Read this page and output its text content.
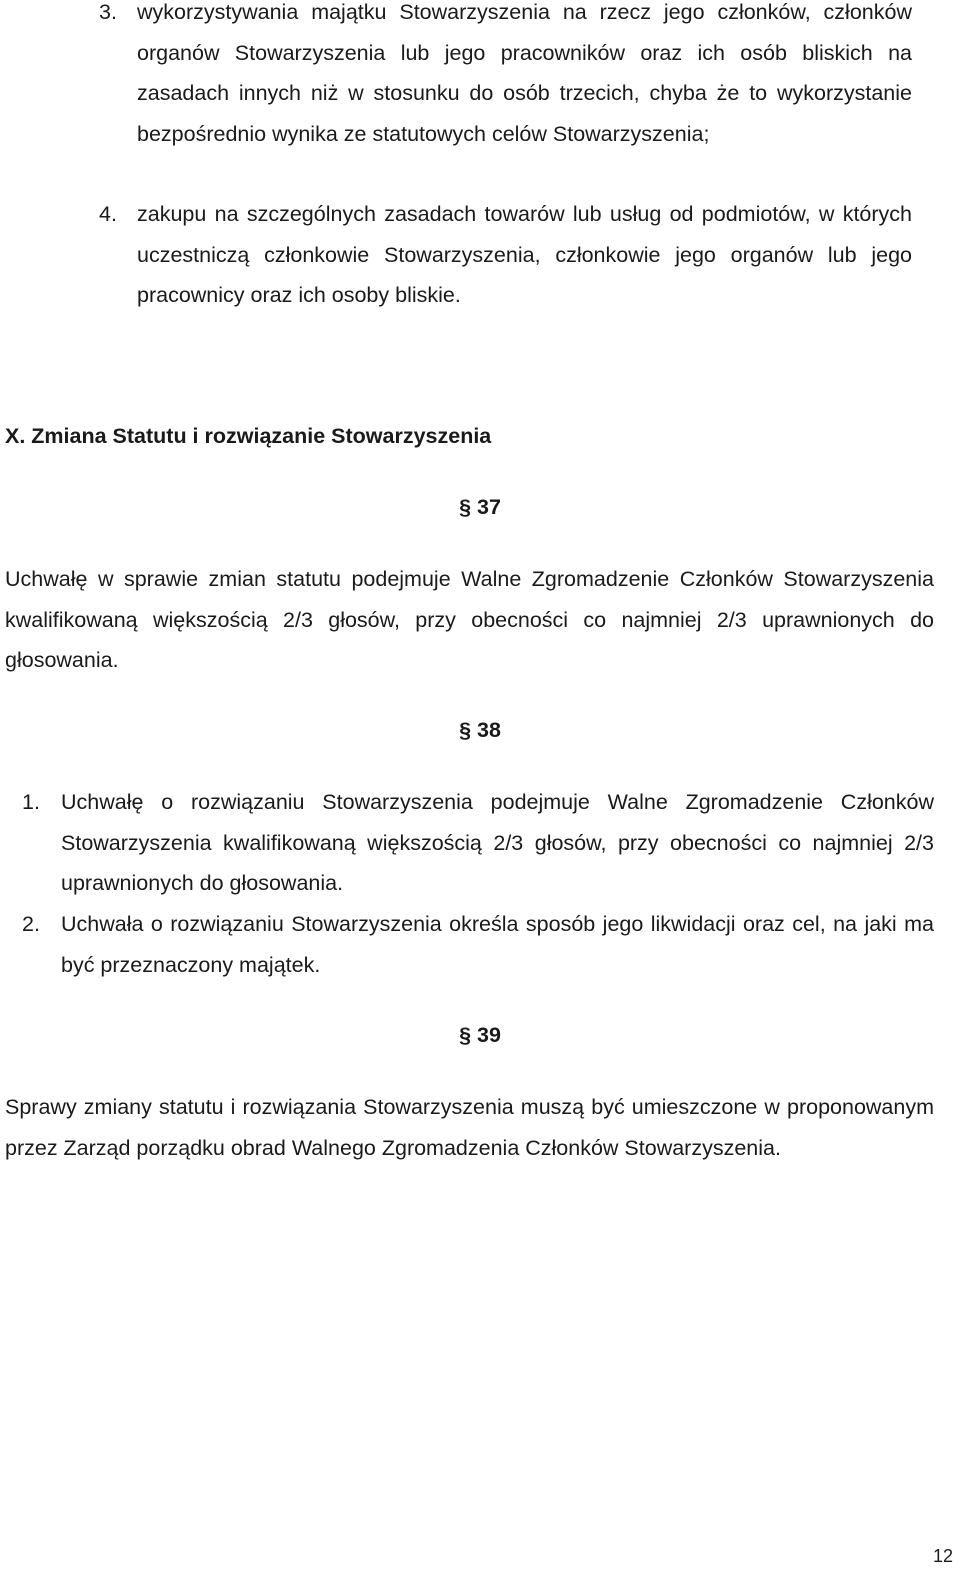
3. wykorzystywania majątku Stowarzyszenia na rzecz jego członków, członków organów Stowarzyszenia lub jego pracowników oraz ich osób bliskich na zasadach innych niż w stosunku do osób trzecich, chyba że to wykorzystanie bezpośrednio wynika ze statutowych celów Stowarzyszenia;

4. zakupu na szczególnych zasadach towarów lub usług od podmiotów, w których uczestniczą członkowie Stowarzyszenia, członkowie jego organów lub jego pracownicy oraz ich osoby bliskie.

X. Zmiana Statutu i rozwiązanie Stowarzyszenia

§ 37

Uchwałę w sprawie zmian statutu podejmuje Walne Zgromadzenie Członków Stowarzyszenia kwalifikowaną większością 2/3 głosów, przy obecności co najmniej 2/3 uprawnionych do głosowania.

§ 38

1. Uchwałę o rozwiązaniu Stowarzyszenia podejmuje Walne Zgromadzenie Członków Stowarzyszenia kwalifikowaną większością 2/3 głosów, przy obecności co najmniej 2/3 uprawnionych do głosowania.

2. Uchwała o rozwiązaniu Stowarzyszenia określa sposób jego likwidacji oraz cel, na jaki ma być przeznaczony majątek.

§ 39

Sprawy zmiany statutu i rozwiązania Stowarzyszenia muszą być umieszczone w proponowanym przez Zarząd porządku obrad Walnego Zgromadzenia Członków Stowarzyszenia.

12
